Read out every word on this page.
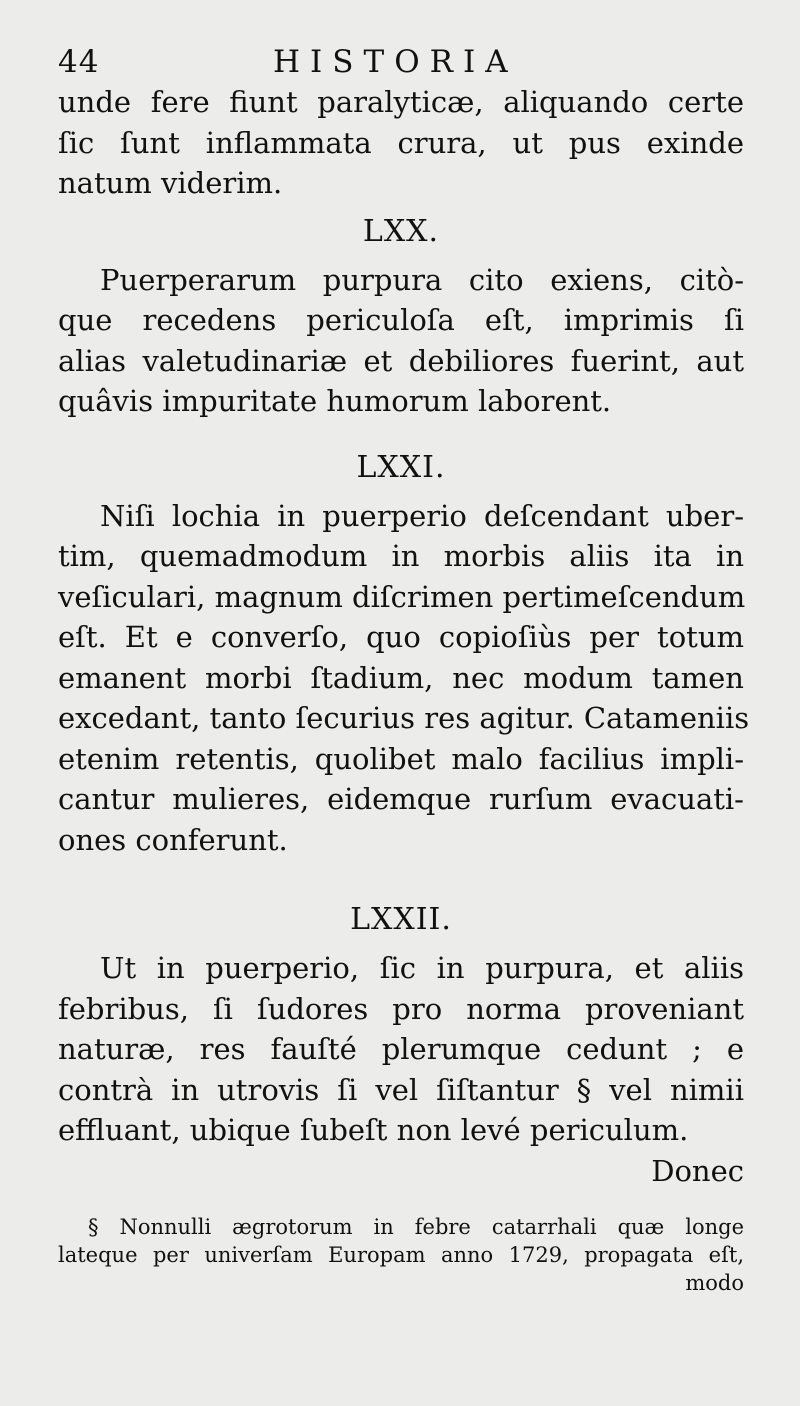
44	HISTORIA
unde fere fiunt paralyticæ, aliquando certe
ſic ſunt inflammata crura, ut pus exinde
natum viderim.
LXX.
Puerperarum purpura cito exiens, citò-
que recedens periculoſa eſt, imprimis ſi
alias valetudinariæ et debiliores fuerint, aut
quâvis impuritate humorum laborent.
LXXI.
Niſi lochia in puerperio deſcendant uber-
tim, quemadmodum in morbis aliis ita in
veſiculari, magnum diſcrimen pertimeſcendum
eſt. Et e converſo, quo copioſiùs per totum
emanent morbi ſtadium, nec modum tamen
excedant, tanto ſecurius res agitur. Catameniis
etenim retentis, quolibet malo facilius impli-
cantur mulieres, eidemque rurſum evacuati-
ones conferunt.
LXXII.
Ut in puerperio, ſic in purpura, et aliis
febribus, ſi ſudores pro norma proveniant
naturæ, res fauſté plerumque cedunt ; e
contrà in utrovis ſi vel ſiſtantur § vel nimii
effluant, ubique ſubeſt non levé periculum.
Donec
§ Nonnulli ægrotorum in febre catarrhali quæ longe
lateque per univerſam Europam anno 1729, propagata eſt,
modo
